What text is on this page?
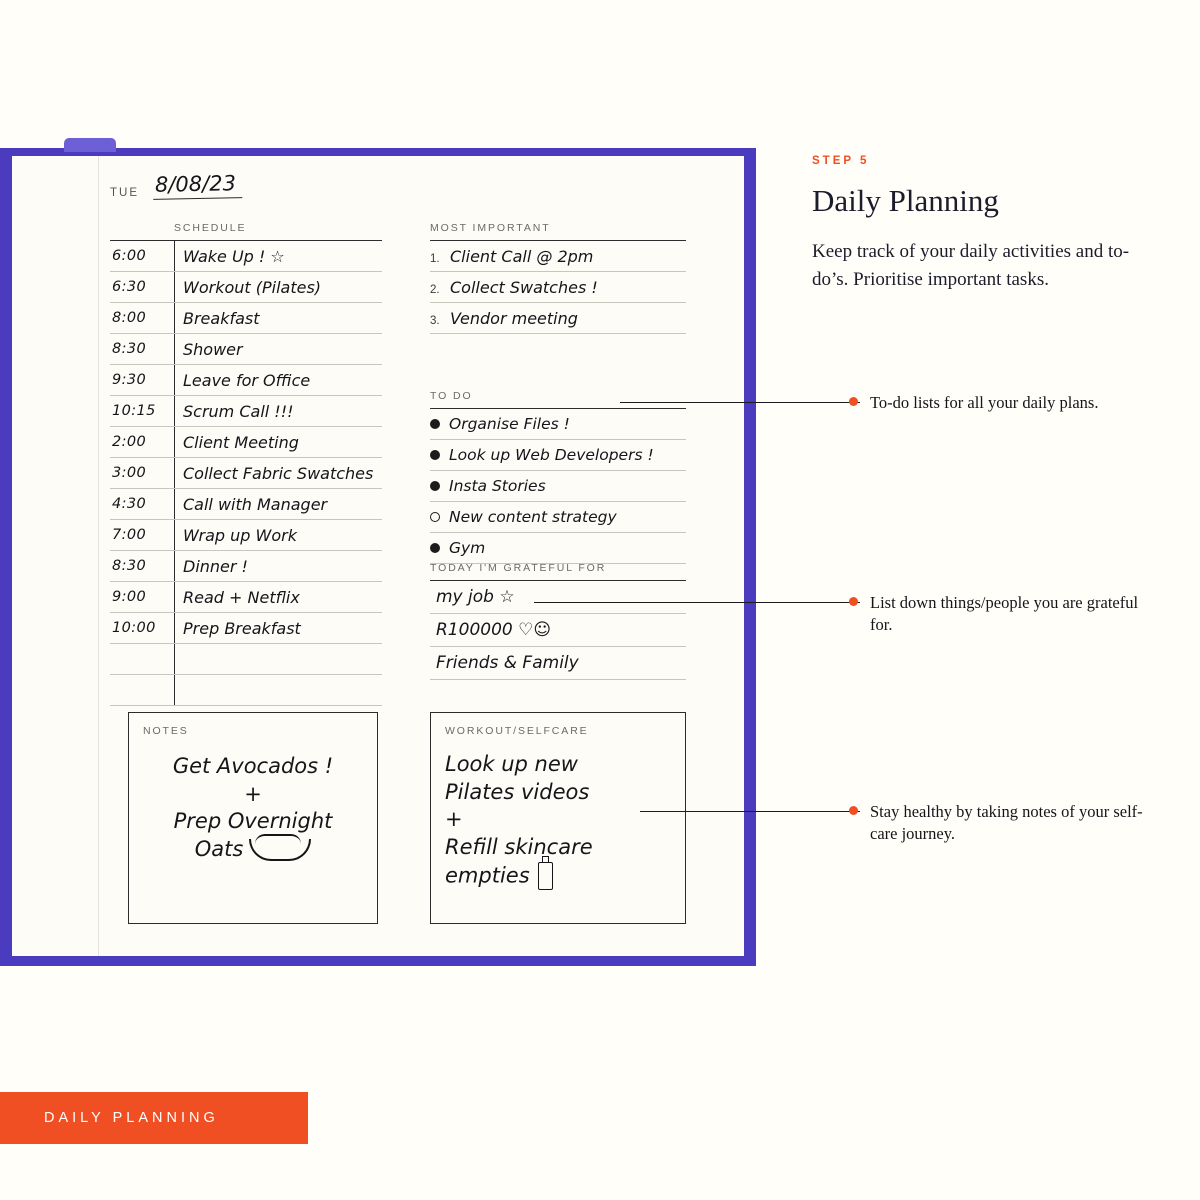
TUE 8/08/23
SCHEDULE
6:00	Wake Up ! ☆
6:30	Workout (Pilates)
8:00	Breakfast
8:30	Shower
9:30	Leave for Office
10:15	Scrum Call !!!
2:00	Client Meeting
3:00	Collect Fabric Swatches
4:30	Call with Manager
7:00	Wrap up Work
8:30	Dinner !
9:00	Read + Netflix
10:00	Prep Breakfast
MOST IMPORTANT
1. Client Call @ 2pm
2. Collect Swatches !
3. Vendor meeting
TO DO
Organise Files !
Look up Web Developers !
Insta Stories
New content strategy
Gym
TODAY I'M GRATEFUL FOR
my job ☆
R100000 ♡☺
Friends & Family
NOTES
Get Avocados !
+
Prep Overnight
Oats
WORKOUT/SELFCARE
Look up new
Pilates videos
+
Refill skincare
empties
STEP 5
Daily Planning

Keep track of your daily activities and to-do’s. Prioritise important tasks.

To-do lists for all your daily plans.
List down things/people you are grateful for.
Stay healthy by taking notes of your self-care journey.
DAILY PLANNING
